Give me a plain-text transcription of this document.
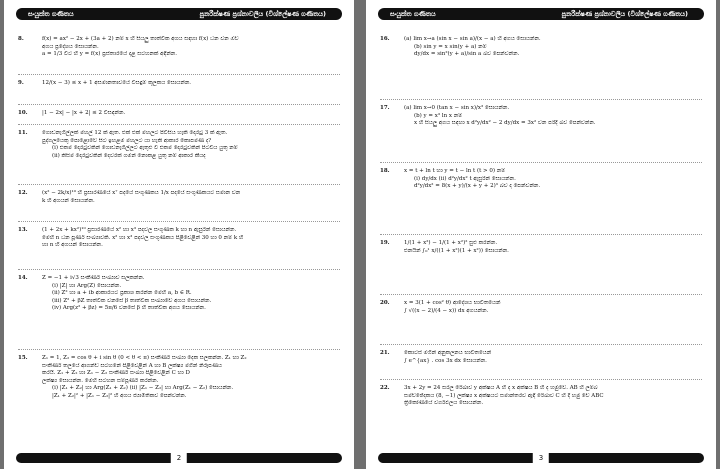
සංයුක්ත ගණිතය	පුනරීක්ෂණ ප්‍රශ්නාවලිය (විශ්ලේෂණ ගණිතය)
8.	f(x) = ax² − 2x + (3a + 2) නම් x හි සියලු තාත්වික අගය සඳහා f(x) ධන වන ඔව්
අගය ප්‍රදේශය සොයන්න.
a = 1/3 විට හි y = f(x) ප්‍රස්තාරයේ දළ සටහනක් අඳින්න.
9.	12/(x − 3) ≤ x + 1 අසමානතාවයේ විසඳුම් කුලකය සොයන්න.
10.	|1 − 2x| − |x + 2| ≤ 2 විසඳන්න.
11.	ගොඩනැගිල්ලක් මහල් 12 ක් ඇත. එක් එක් මහලට පිවිසිය හැකි දොරටු 3 ක් ඇත.
පුද්ගලයෙකු පොළොවේ සිට ඉහළම මහලට යා හැකි ආකාර කොපමණ ද?
(i) එකම දොරටුවකින් ගොඩනැගිල්ලට ඇතුළු වී එකම දොරටුවකින් පිටවිය යුතු නම්
(ii) කිසිම දොරටුවකින් දෙවරක් ගමන් නොකළ යුතු නම් ආකාර කීයද
12.	(x² − 2k/x)¹⁰ හි ප්‍රසාරණයේ x⁷ පදයේ සංගුණකය 1/x පදයේ සංගුණකයට සමාන වන
k හි අගයන් සොයන්න.
13.	(1 + 2x + kx²)¹⁰ ප්‍රසාරණයේ x² හා x³ පදවල සංගුණක k හා n ඇසුරින් සොයන්න.
මෙහි n ධන පූර්ණ සංඛ්‍යාවකි. x² හා x³ පදවල සංගුණකය පිළිවෙළින් 30 හා 0 නම් k හි
හා n හි අගයන් සොයන්න.
14.	Z = −1 + i√3 සංකීර්ණ සංඛ්‍යාව සලකන්න.
(i) |Z| හා Arg(Z) සොයන්න.
(ii) Z² හා a + ib ආකාරයට ප්‍රකාශ කරන්න මෙහි a, b ∈ R.
(iii) Z² + βZ තාත්වික වනසේ β තාත්වික සංඛ්‍යාවේ අගය සොයන්න.
(iv) Arg(z² + βz) = 5π/6 වනසේ β හි තාත්වික අගය සොයන්න.
15.	Z₁ = 1, Z₂ = cos θ + i sin θ (0 < θ < π) සංකීර්ණ සංඛ්‍යා දෙක සලකන්න. Z₁ හා Z₂
සංකීර්ණ තලයේ ආගන්ඩ් සටහනේ පිළිවෙළින් A හා B ලක්ෂ්‍ය මගින් නිරූපණය
කරයි. Z₁ + Z₂ හා Z₁ − Z₂ සංකීර්ණ සංඛ්‍යා පිළිවෙළින් C හා D
ලක්ෂ්‍ය සොයන්න. මෙහි සටහන සම්පූර්ණ කරන්න.
(i) |Z₁ + Z₂| හා Arg(Z₁ + Z₂) (ii) |Z₁ − Z₂| හා Arg(Z₁ − Z₂) සොයන්න.
|Z₁ + Z₂|² + |Z₁ − Z₂|² හි අගය ජ්‍යාමිතිකව පෙන්වන්න.
2
සංයුක්ත ගණිතය	පුනරීක්ෂණ ප්‍රශ්නාවලිය (විශ්ලේෂණ ගණිතය)
16.	(a) lim x→a (sin x − sin a)/(x − a) හි අගය සොයන්න.
(b) sin y = x sin(y + a) නම්
dy/dx = sin²(y + a)/sin a බව පෙන්වන්න.
17.	(a) lim x→0 (tan x − sin x)/x³ සොයන්න.
(b) y = x³ ln x නම්
x හි සියලු අගය සඳහා x d²y/dx² − 2 dy/dx = 3x² වන පරිදි බව පෙන්වන්න.
18.	x = t + ln t හා y = t − ln t (t > 0) නම්
(i) dy/dx (ii) d²y/dx² t ඇසුරින් සොයන්න.
d²y/dx² = 8(x + y)/(x + y + 2)³ බව ද පෙන්වන්න.
19.	1/(1 + x²) − 1/(1 + x²)² සුළු කරන්න.
එනයින් ∫₀¹ x/((1 + x²)(1 + x²)) සොයන්න.
20.	x = 3(1 + cos² θ) ආදේශය භාවිතයෙන්
∫ √((x − 2)/(4 − x)) dx අගයන්න.
21.	කොටස් මගින් අනුකලනය භාවිතයෙන්
∫ e^{ax} . cos 3x dx සොයන්න.
22.	3x + 2y = 24 සරල රේඛාව y අක්ෂය A හි ද x අක්ෂය B හි ද හමුවේ. AB හි ලම්බ
සමච්ඡේදකය (8, −1) ලක්ෂ්‍ය x අක්ෂයට සමාන්තරව ඇඳි රේඛාව C හි දී හමු වේ ABC
ත්‍රිකෝණයේ වර්ගඵලය සොයන්න.
3
